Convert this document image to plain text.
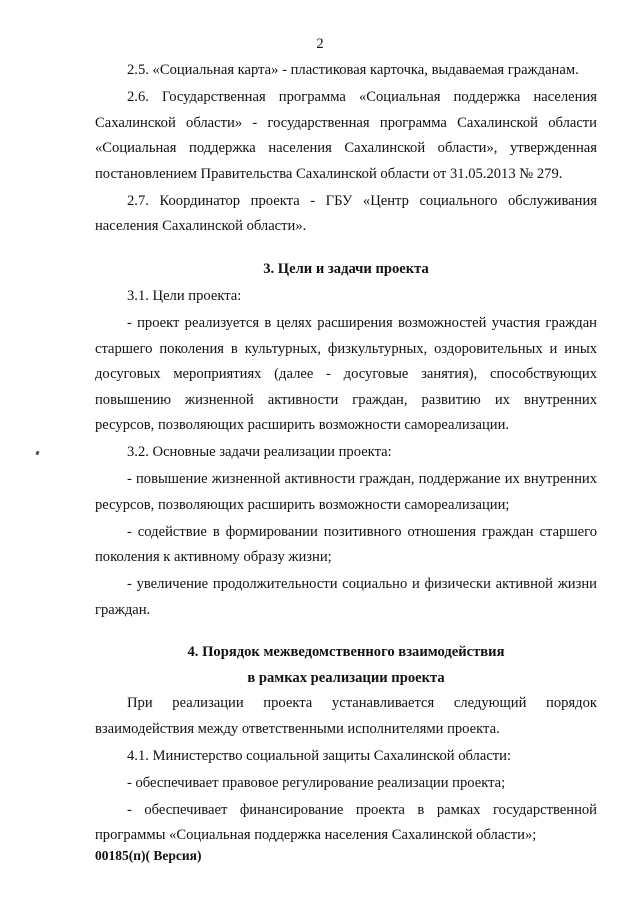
2

2.5. «Социальная карта» - пластиковая карточка, выдаваемая гражданам.

2.6. Государственная программа «Социальная поддержка населения Сахалинской области» - государственная программа Сахалинской области «Социальная поддержка населения Сахалинской области», утвержденная постановлением Правительства Сахалинской области от 31.05.2013 № 279.

2.7. Координатор проекта - ГБУ «Центр социального обслуживания населения Сахалинской области».

3. Цели и задачи проекта

3.1. Цели проекта:

- проект реализуется в целях расширения возможностей участия граждан старшего поколения в культурных, физкультурных, оздоровительных и иных досуговых мероприятиях (далее - досуговые занятия), способствующих повышению жизненной активности граждан, развитию их внутренних ресурсов, позволяющих расширить возможности самореализации.

3.2. Основные задачи реализации проекта:

- повышение жизненной активности граждан, поддержание их внутренних ресурсов, позволяющих расширить возможности самореализации;

- содействие в формировании позитивного отношения граждан старшего поколения к активному образу жизни;

- увеличение продолжительности социально и физически активной жизни граждан.

4. Порядок межведомственного взаимодействия
в рамках реализации проекта

При реализации проекта устанавливается следующий порядок взаимодействия между ответственными исполнителями проекта.

4.1. Министерство социальной защиты Сахалинской области:

- обеспечивает правовое регулирование реализации проекта;

- обеспечивает финансирование проекта в рамках государственной программы «Социальная поддержка населения Сахалинской области»;

00185(п)( Версия)
